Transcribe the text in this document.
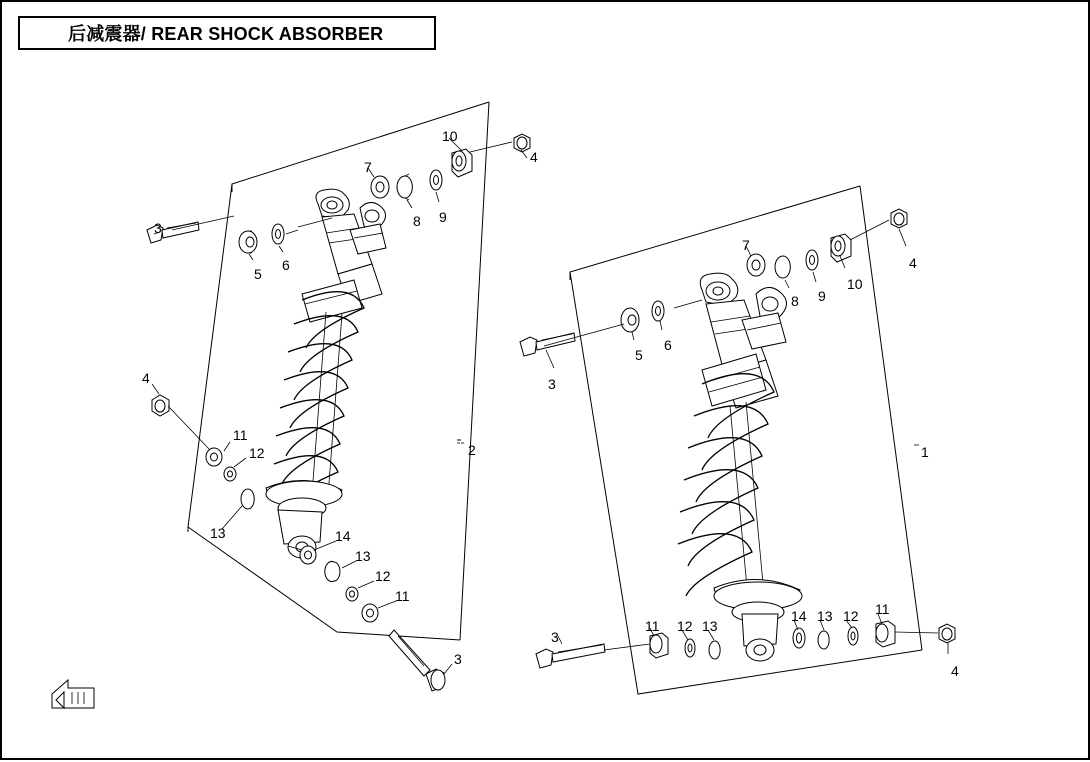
后减震器/ REAR SHOCK ABSORBER
3
5
6
7
8 9
10
4
2
4
11
12
13	14
13
12
11
3
7
8 9
10
4
5
6
3
1
11 12 13
14 13 12 11
4
3
